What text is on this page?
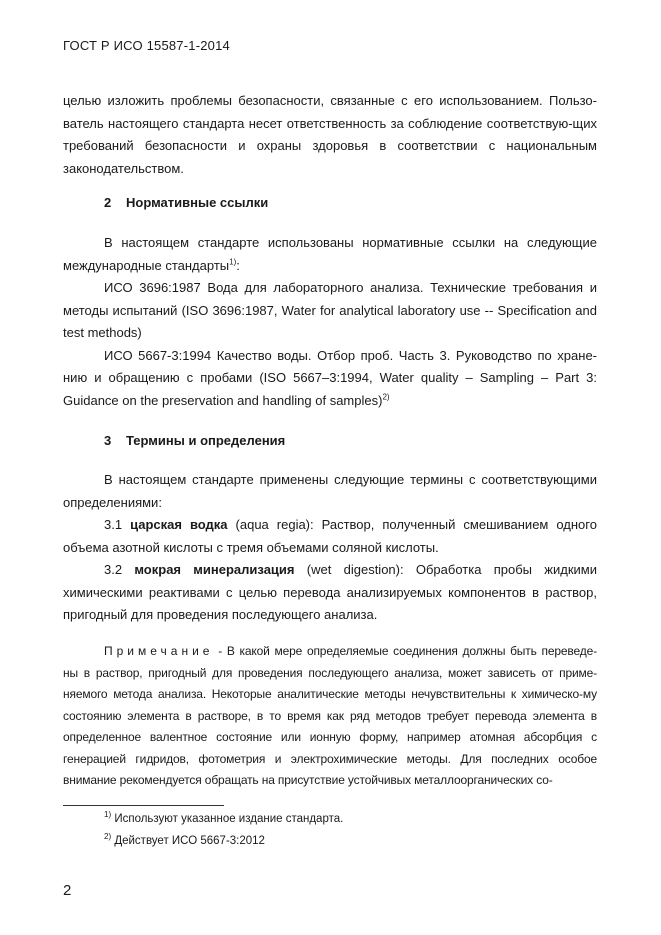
ГОСТ Р ИСО 15587-1-2014

целью изложить проблемы безопасности, связанные с его использованием. Пользо-ватель настоящего стандарта несет ответственность за соблюдение соответствую-щих требований безопасности и охраны здоровья в соответствии с национальным законодательством.

2 Нормативные ссылки

В настоящем стандарте использованы нормативные ссылки на следующие международные стандарты$^{1)}$:

ИСО 3696:1987 Вода для лабораторного анализа. Технические требования и методы испытаний (ISO 3696:1987, Water for analytical laboratory use -- Specification and test methods)

ИСО 5667-3:1994 Качество воды. Отбор проб. Часть 3. Руководство по хране-нию и обращению с пробами (ISO 5667–3:1994, Water quality – Sampling – Part 3: Guidance on the preservation and handling of samples)$^{2)}$

3 Термины и определения

В настоящем стандарте применены следующие термины с соответствующими определениями:

3.1 царская водка (aqua regia): Раствор, полученный смешиванием одного объема азотной кислоты с тремя объемами соляной кислоты.

3.2 мокрая минерализация (wet digestion): Обработка пробы жидкими химическими реактивами с целью перевода анализируемых компонентов в раствор, пригодный для проведения последующего анализа.

Примечание - В какой мере определяемые соединения должны быть переведе-ны в раствор, пригодный для проведения последующего анализа, может зависеть от приме-няемого метода анализа. Некоторые аналитические методы нечувствительны к химическо-му состоянию элемента в растворе, в то время как ряд методов требует перевода элемента в определенное валентное состояние или ионную форму, например атомная абсорбция с генерацией гидридов, фотометрия и электрохимические методы. Для последних особое внимание рекомендуется обращать на присутствие устойчивых металлоорганических со-

$^{1)}$ Используют указанное издание стандарта.
$^{2)}$ Действует ИСО 5667-3:2012
2
